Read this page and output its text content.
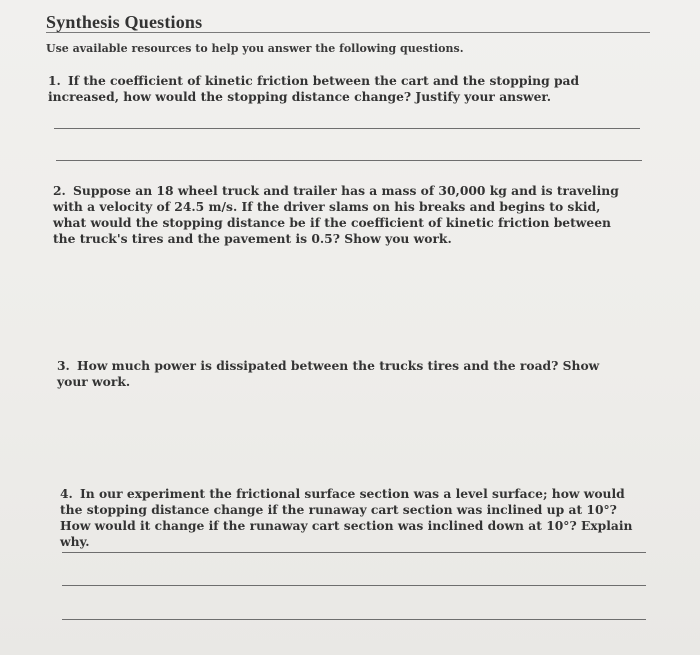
Synthesis Questions
Use available resources to help you answer the following questions.
1. If the coefficient of kinetic friction between the cart and the stopping pad increased, how would the stopping distance change? Justify your answer.
2. Suppose an 18 wheel truck and trailer has a mass of 30,000 kg and is traveling with a velocity of 24.5 m/s. If the driver slams on his breaks and begins to skid, what would the stopping distance be if the coefficient of kinetic friction between the truck's tires and the pavement is 0.5? Show you work.
3. How much power is dissipated between the trucks tires and the road? Show your work.
4. In our experiment the frictional surface section was a level surface; how would the stopping distance change if the runaway cart section was inclined up at 10°? How would it change if the runaway cart section was inclined down at 10°? Explain why.
